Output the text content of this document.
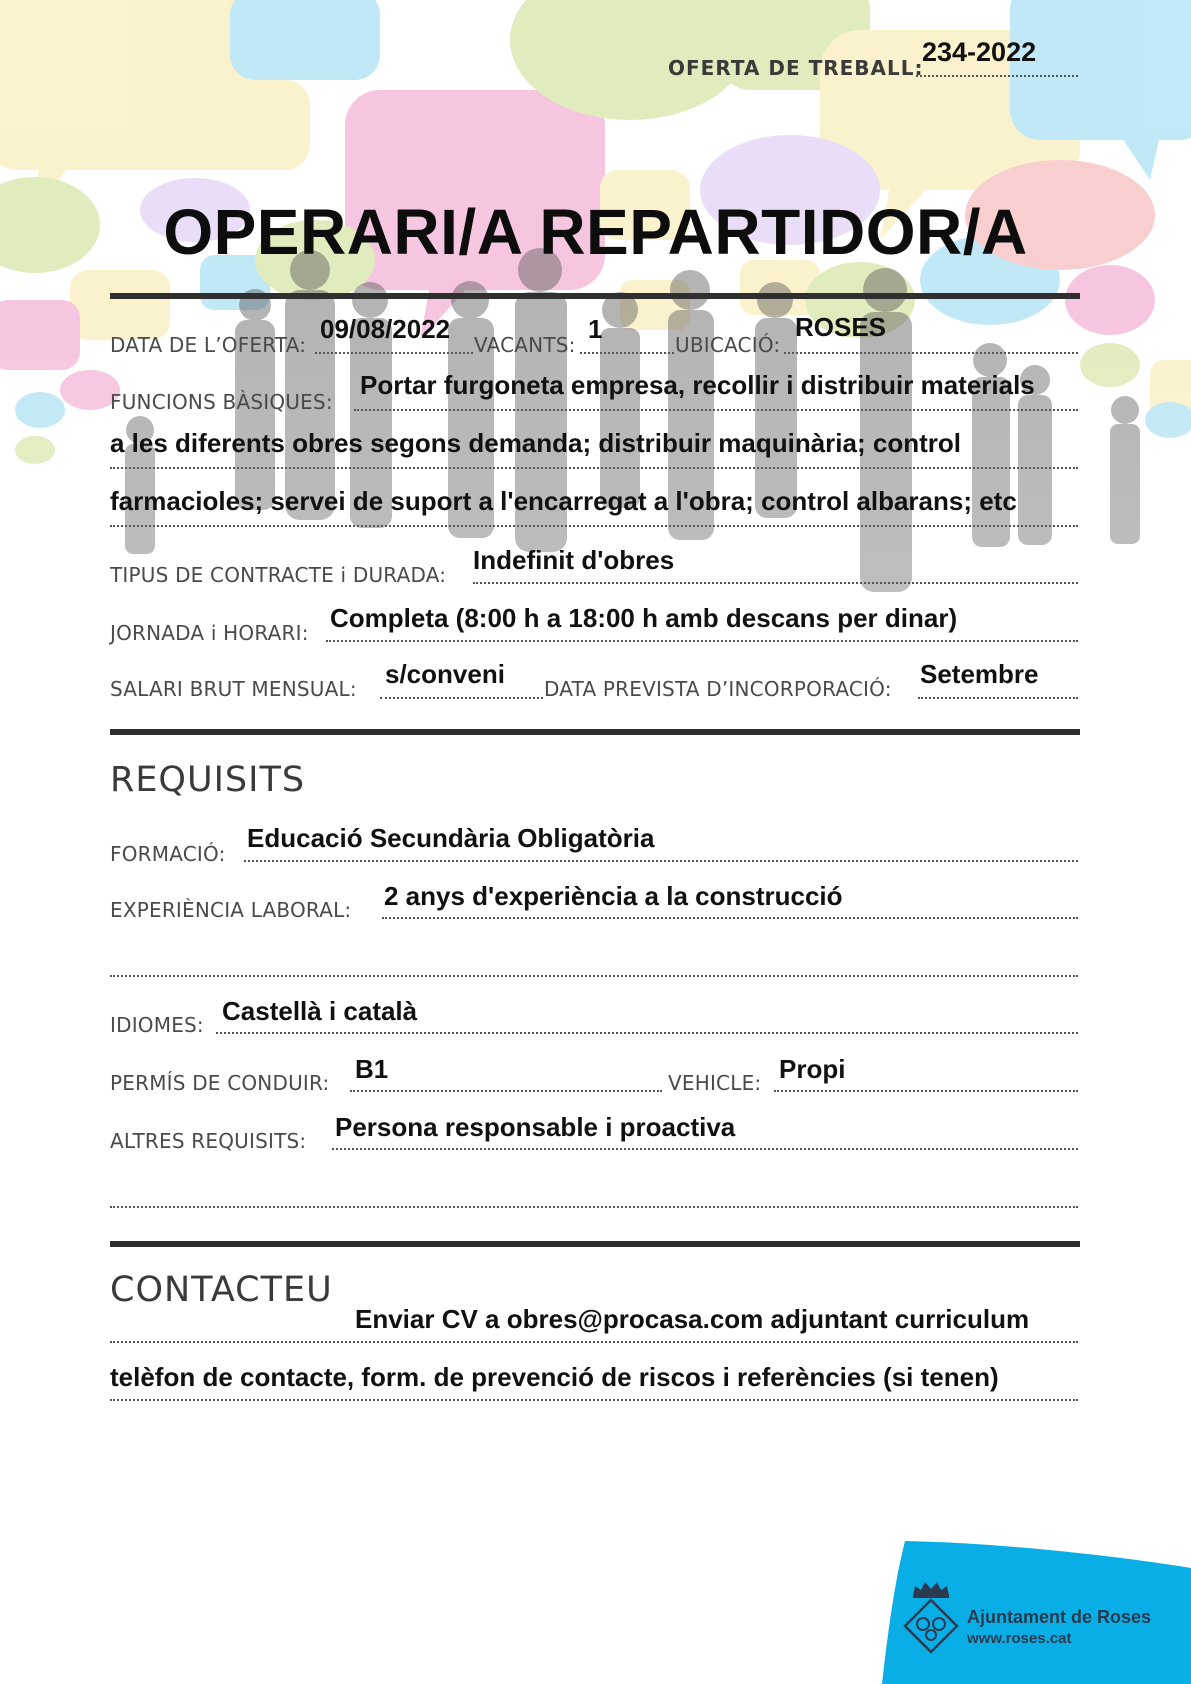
OFERTA DE TREBALL:
234-2022
OPERARI/A REPARTIDOR/A
DATA DE L’OFERTA:
09/08/2022
VACANTS:
1
UBICACIÓ:
ROSES
FUNCIONS BÀSIQUES:
Portar furgoneta empresa, recollir i distribuir materials
a les diferents obres segons demanda; distribuir maquinària; control
farmacioles; servei de suport a l'encarregat a l'obra; control albarans; etc
TIPUS DE CONTRACTE i DURADA: Indefinit d'obres
JORNADA i HORARI: Completa (8:00 h a 18:00 h amb descans per dinar)
SALARI BRUT MENSUAL: s/conveni DATA PREVISTA D’INCORPORACIÓ: Setembre
REQUISITS
FORMACIÓ:
Educació Secundària Obligatòria
EXPERIÈNCIA LABORAL: 2 anys d'experiència a la construcció
IDIOMES: Castellà i català
PERMÍS DE CONDUIR: B1	VEHICLE: Propi
ALTRES REQUISITS: Persona responsable i proactiva
CONTACTEU
Enviar CV a obres@procasa.com adjuntant curriculum
telèfon de contacte, form. de prevenció de riscos i referències (si tenen)
Ajuntament de Roses
www.roses.cat
